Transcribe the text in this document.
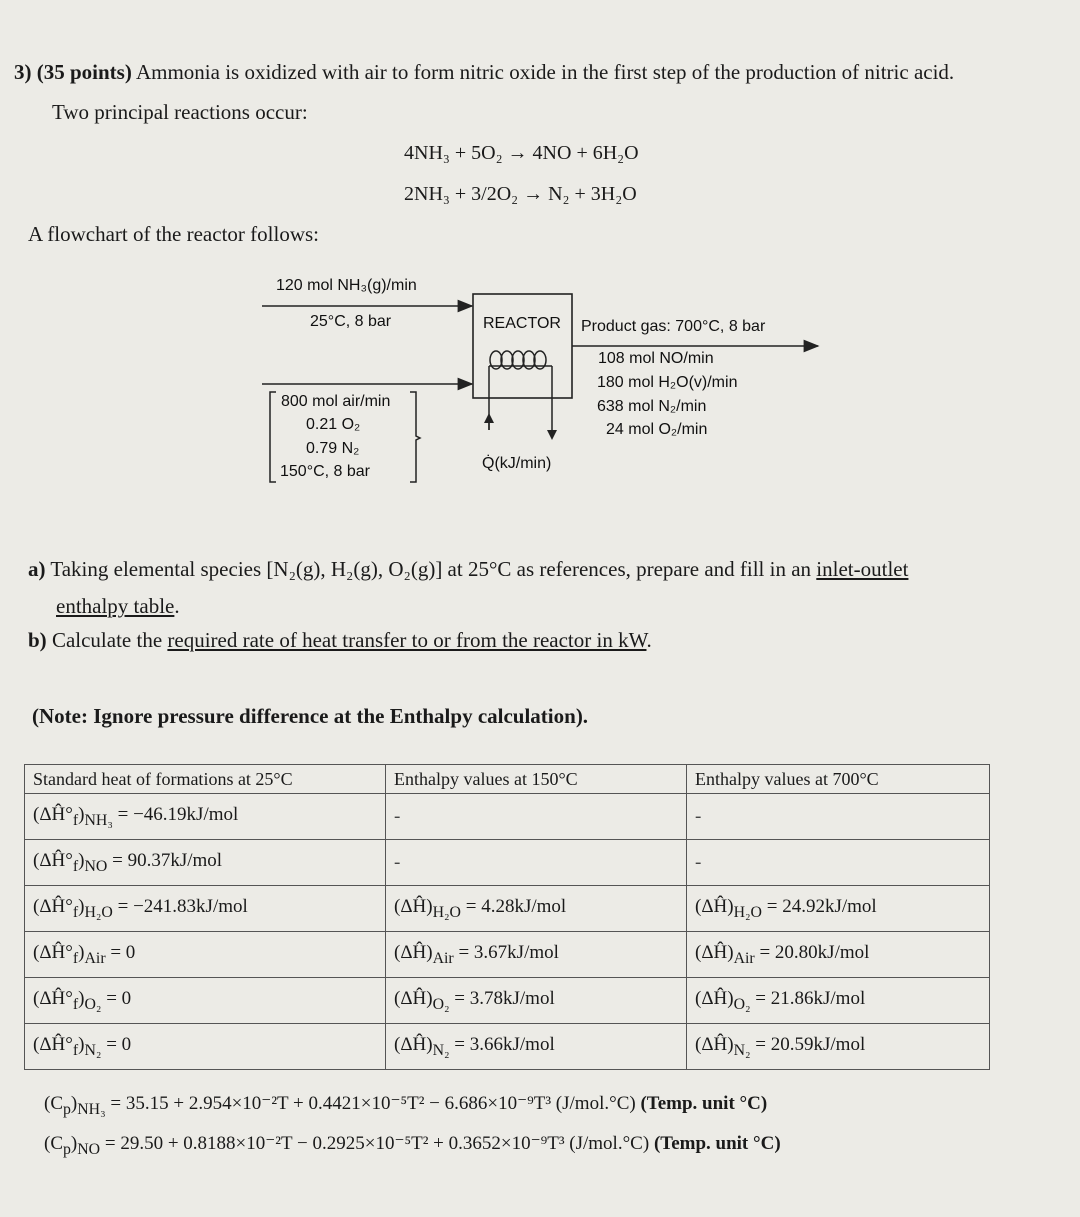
3) (35 points) Ammonia is oxidized with air to form nitric oxide in the first step of the production of nitric acid.
Two principal reactions occur:
4NH₃ + 5O₂ → 4NO + 6H₂O
2NH₃ + 3/2O₂ → N₂ + 3H₂O
A flowchart of the reactor follows:
120 mol NH₃(g)/min
25°C, 8 bar	REACTOR
800 mol air/min
0.21 O₂
0.79 N₂
150°C, 8 bar	Q̇(kJ/min)
Product gas: 700°C, 8 bar
108 mol NO/min
180 mol H₂O(v)/min
638 mol N₂/min
24 mol O₂/min
a) Taking elemental species [N₂(g), H₂(g), O₂(g)] at 25°C as references, prepare and fill in an inlet-outlet
enthalpy table.
b) Calculate the required rate of heat transfer to or from the reactor in kW.
(Note: Ignore pressure difference at the Enthalpy calculation).
Standard heat of formations at 25°C	Enthalpy values at 150°C	Enthalpy values at 700°C
$(\Delta Ĥ^\circ_f)_{NH_3} = -46.19kJ/mol$	-	-
$(\Delta Ĥ^\circ_f)_{NO} = 90.37kJ/mol$	-	-
$(\Delta Ĥ^\circ_f)_{H_2O} = -241.83kJ/mol$	$(\Delta Ĥ)_{H_2O} = 4.28kJ/mol$	$(\Delta Ĥ)_{H_2O} = 24.92kJ/mol$
$(\Delta Ĥ^\circ_f)_{Air} = 0$	$(\Delta Ĥ)_{Air} = 3.67kJ/mol$	$(\Delta Ĥ)_{Air} = 20.80kJ/mol$
$(\Delta Ĥ^\circ_f)_{O_2} = 0$	$(\Delta Ĥ)_{O_2} = 3.78kJ/mol$	$(\Delta Ĥ)_{O_2} = 21.86kJ/mol$
$(\Delta Ĥ^\circ_f)_{N_2} = 0$	$(\Delta Ĥ)_{N_2} = 3.66kJ/mol$	$(\Delta Ĥ)_{N_2} = 20.59kJ/mol$
$(C_p)_{NH_3} = 35.15 + 2.954\times 10^{-2}T + 0.4421\times 10^{-5}T^2 - 6.686\times 10^{-9}T^3$ (J/mol.°C) (Temp. unit °C)
$(C_p)_{NO} = 29.50 + 0.8188\times 10^{-2}T - 0.2925\times 10^{-5}T^2 + 0.3652\times 10^{-9}T^3$ (J/mol.°C) (Temp. unit °C)
